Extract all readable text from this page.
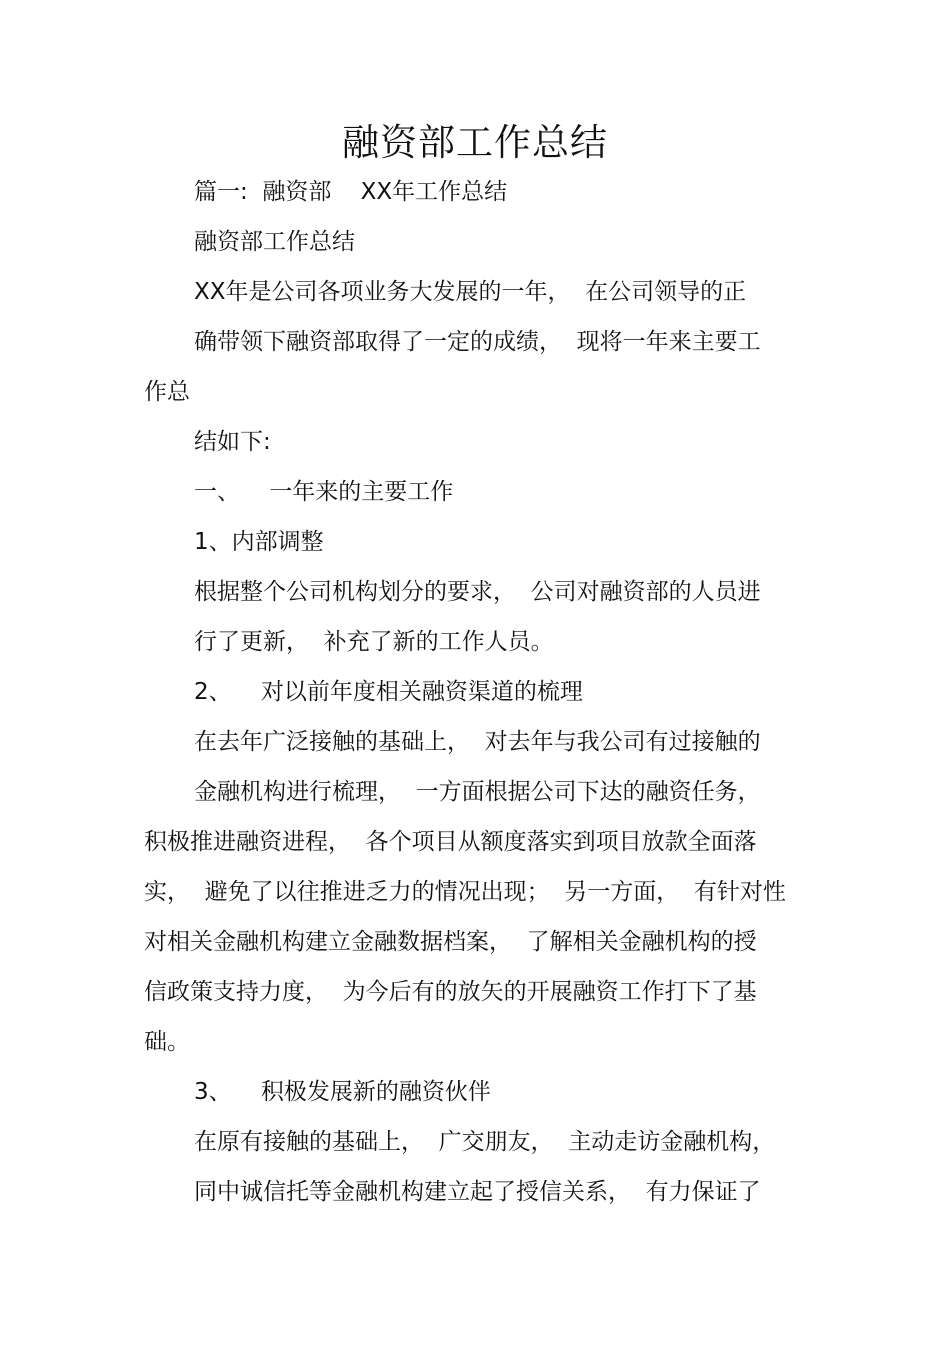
融资部工作总结
篇一:  融资部    XX年工作总结
融资部工作总结
XX年是公司各项业务大发展的一年，  在公司领导的正
确带领下融资部取得了一定的成绩，  现将一年来主要工
作总
结如下:
一、    一年来的主要工作
1、内部调整
根据整个公司机构划分的要求，  公司对融资部的人员进
行了更新，  补充了新的工作人员。
2、    对以前年度相关融资渠道的梳理
在去年广泛接触的基础上，  对去年与我公司有过接触的
金融机构进行梳理，  一方面根据公司下达的融资任务，
积极推进融资进程，  各个项目从额度落实到项目放款全面落
实，  避免了以往推进乏力的情况出现；  另一方面，  有针对性
对相关金融机构建立金融数据档案，  了解相关金融机构的授
信政策支持力度，  为今后有的放矢的开展融资工作打下了基
础。
3、    积极发展新的融资伙伴
在原有接触的基础上，  广交朋友，  主动走访金融机构，
同中诚信托等金融机构建立起了授信关系，  有力保证了
